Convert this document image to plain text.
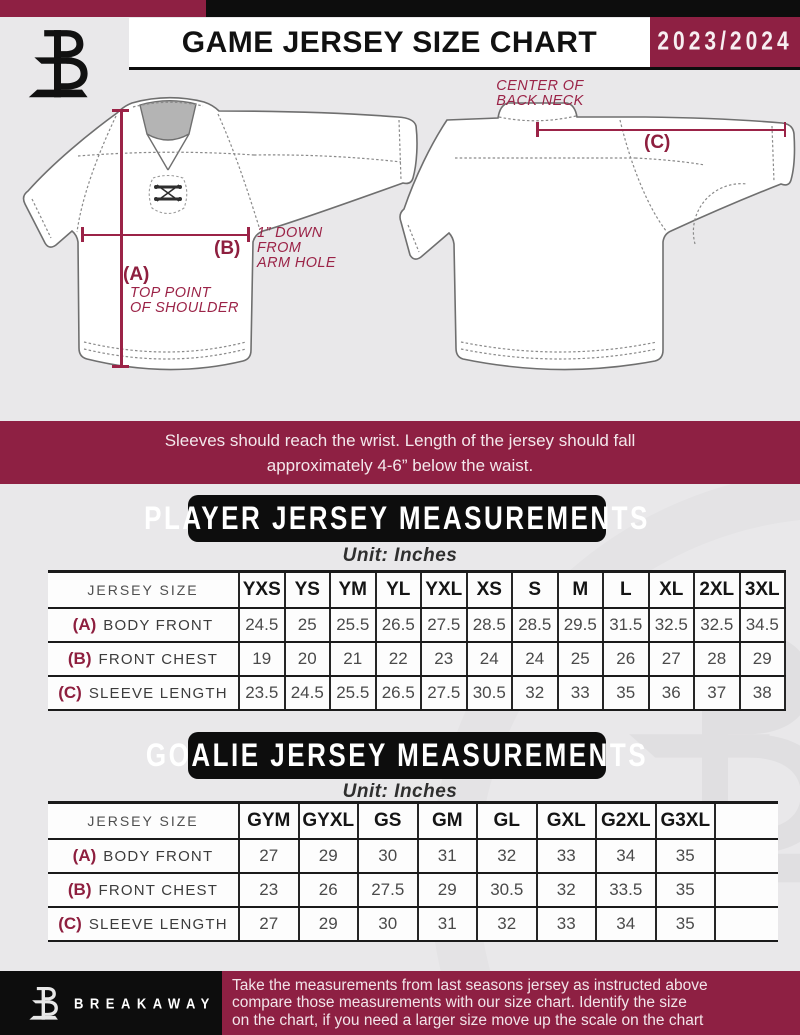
GAME JERSEY SIZE CHART	2023/2024
(B)
1” DOWN
FROM
ARM HOLE
(A)
TOP POINT
OF SHOULDER
CENTER OF
BACK NECK
(C)
Sleeves should reach the wrist. Length of the jersey should fall
approximately 4-6” below the waist.
PLAYER JERSEY MEASUREMENTS
Unit: Inches
JERSEY SIZE	YXS	YS	YM	YL	YXL	XS	S	M	L	XL	2XL	3XL
(A) BODY FRONT	24.5	25	25.5	26.5	27.5	28.5	28.5	29.5	31.5	32.5	32.5	34.5
(B) FRONT CHEST	19	20	21	22	23	24	24	25	26	27	28	29
(C) SLEEVE LENGTH	23.5	24.5	25.5	26.5	27.5	30.5	32	33	35	36	37	38
GOALIE JERSEY MEASUREMENTS
Unit: Inches
JERSEY SIZE	GYM	GYXL	GS	GM	GL	GXL	G2XL	G3XL	
(A) BODY FRONT	27	29	30	31	32	33	34	35	
(B) FRONT CHEST	23	26	27.5	29	30.5	32	33.5	35	
(C) SLEEVE LENGTH	27	29	30	31	32	33	34	35	
BREAKAWAY
Take the measurements from last seasons jersey as instructed above
compare those measurements with our size chart. Identify the size
on the chart, if you need a larger size move up the scale on the chart
